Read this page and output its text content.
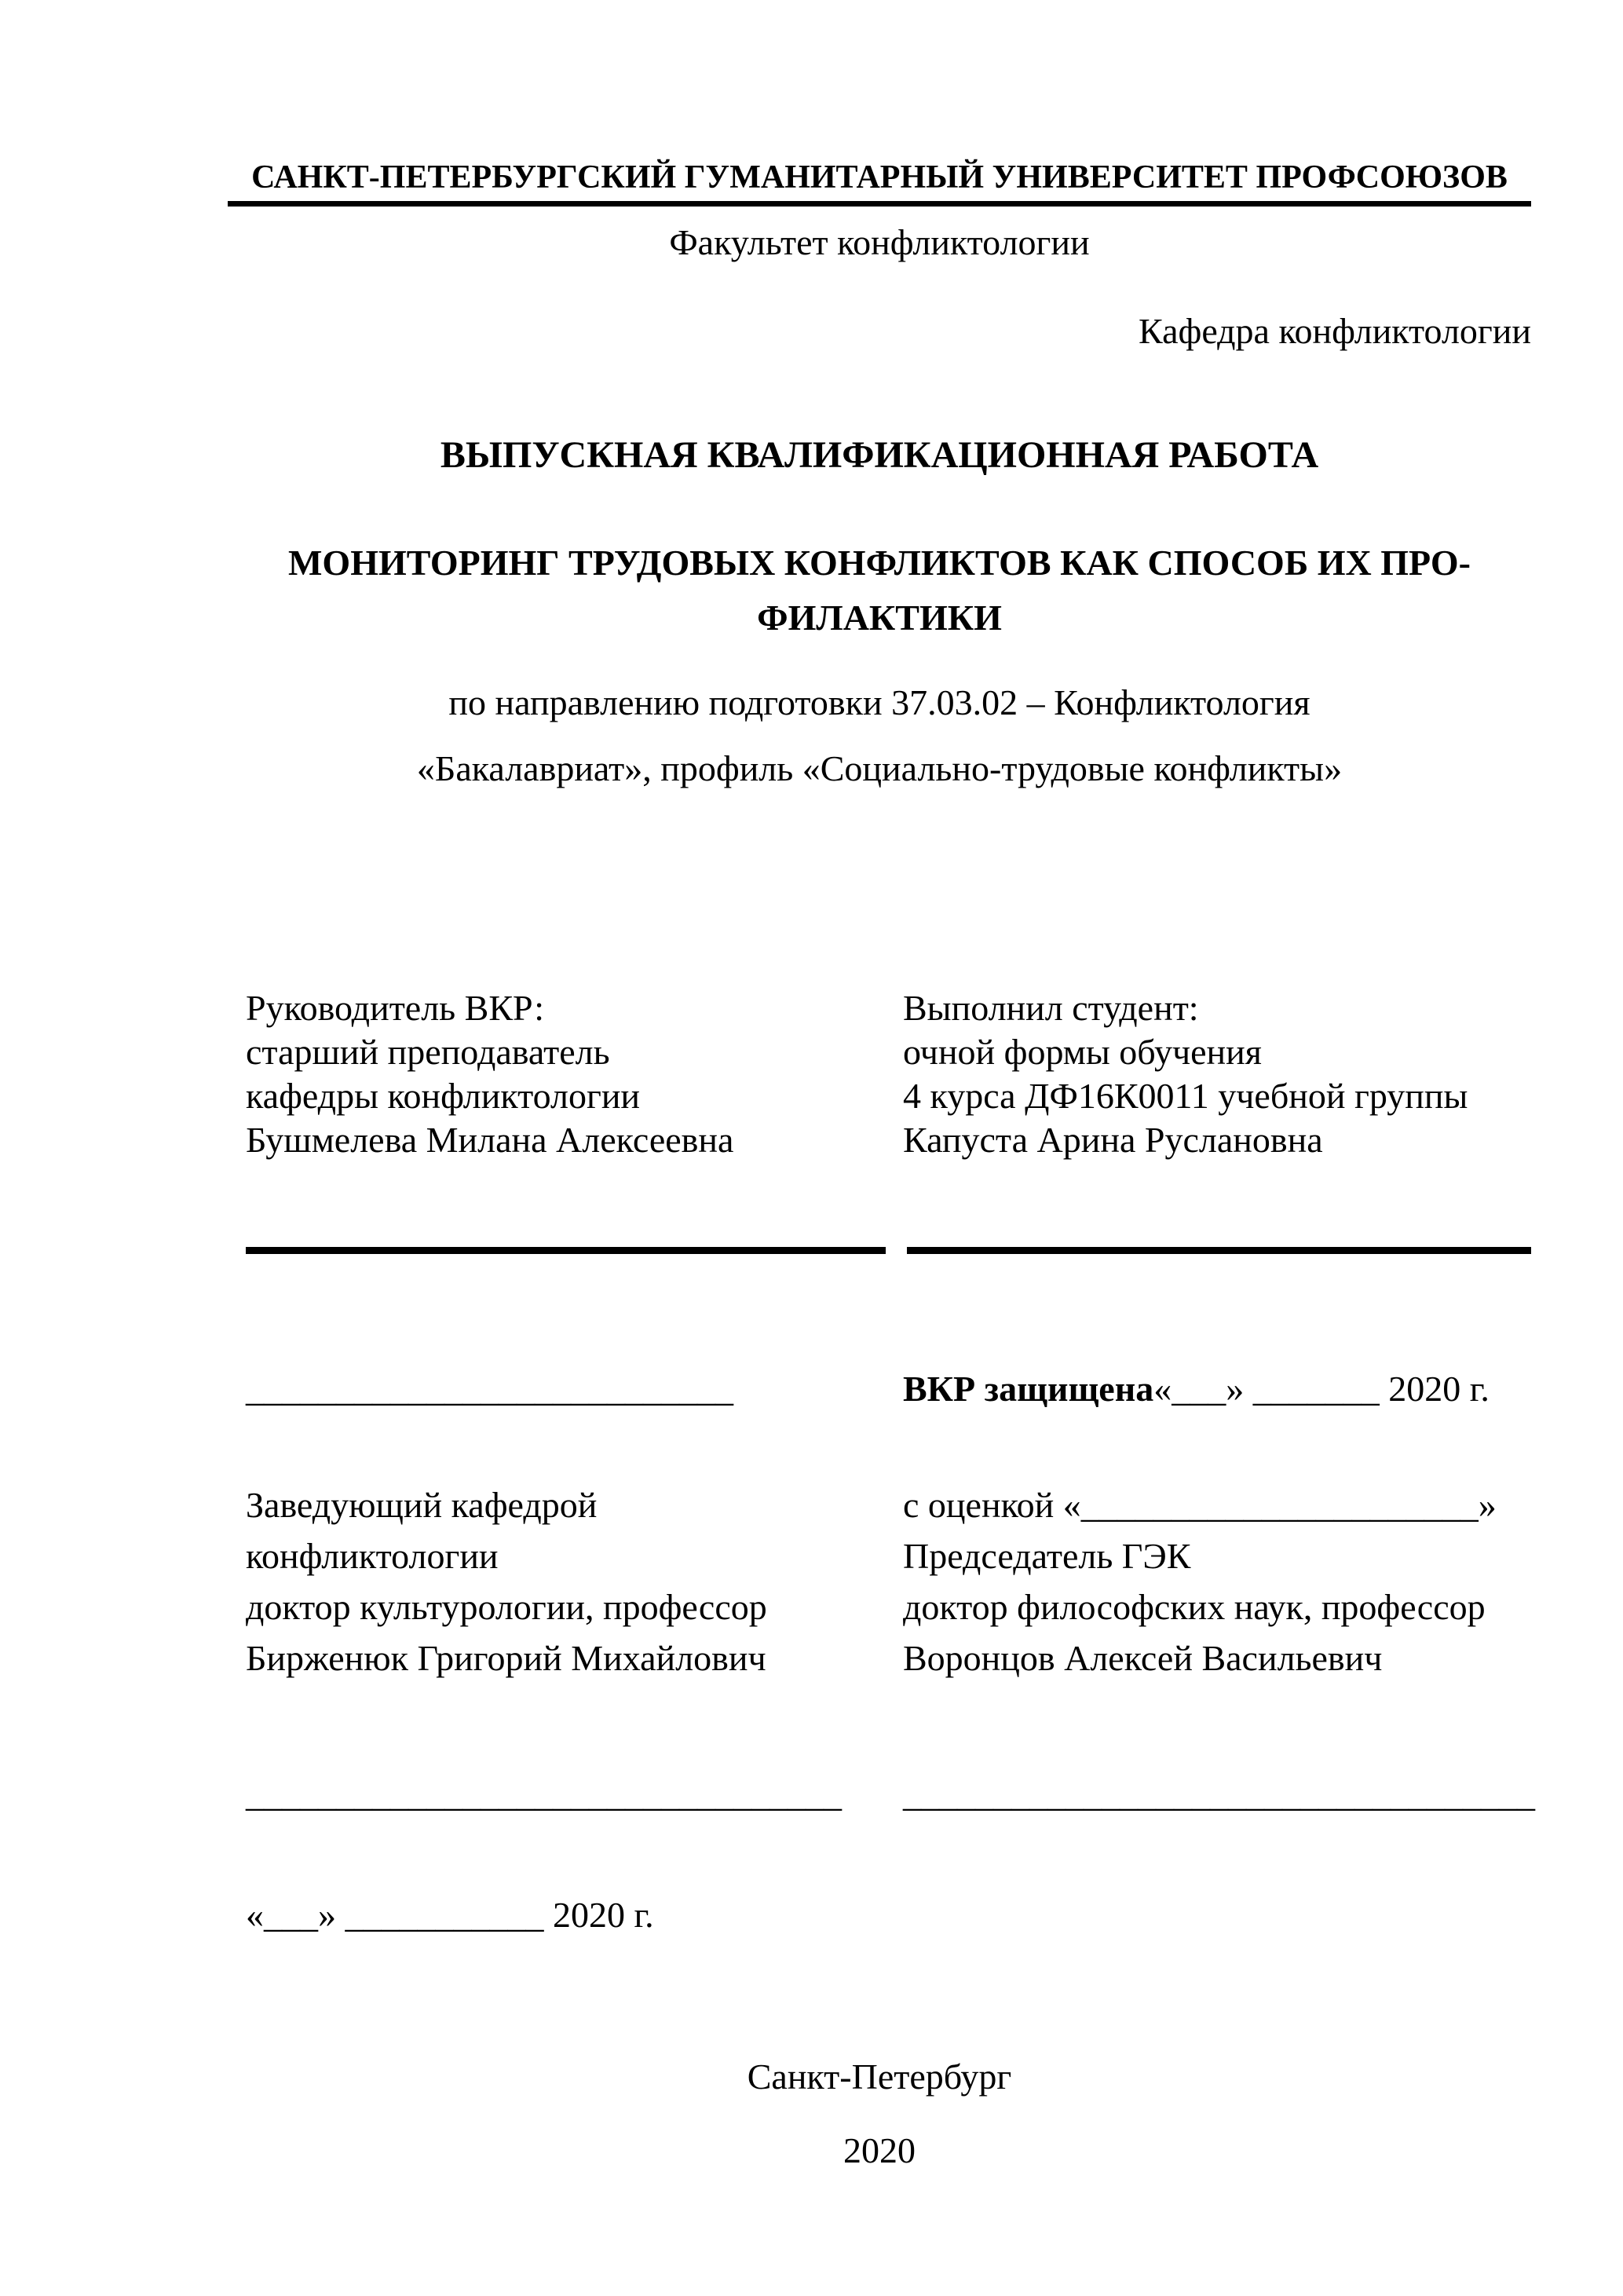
САНКТ-ПЕТЕРБУРГСКИЙ ГУМАНИТАРНЫЙ УНИВЕРСИТЕТ ПРОФСОЮЗОВ
Факультет конфликтологии
Кафедра конфликтологии
ВЫПУСКНАЯ КВАЛИФИКАЦИОННАЯ РАБОТА
МОНИТОРИНГ ТРУДОВЫХ КОНФЛИКТОВ КАК СПОСОБ ИХ ПРО-
ФИЛАКТИКИ
по направлению подготовки 37.03.02 – Конфликтология
«Бакалавриат», профиль «Социально-трудовые конфликты»
Руководитель ВКР:
старший преподаватель
кафедры конфликтологии
Бушмелева Милана Алексеевна
Выполнил студент:
очной формы обучения
4 курса ДФ16К0011 учебной группы
Капуста Арина Руслановна
___________________________	ВКР защищена«___» _______ 2020 г.
Заведующий кафедрой
конфликтологии
доктор культурологии, профессор
Бирженюк Григорий Михайлович
с оценкой «______________________»
Председатель ГЭК
доктор философских наук, профессор
Воронцов Алексей Васильевич
_________________________________	___________________________________
«___» ___________ 2020 г.
Санкт-Петербург
2020
